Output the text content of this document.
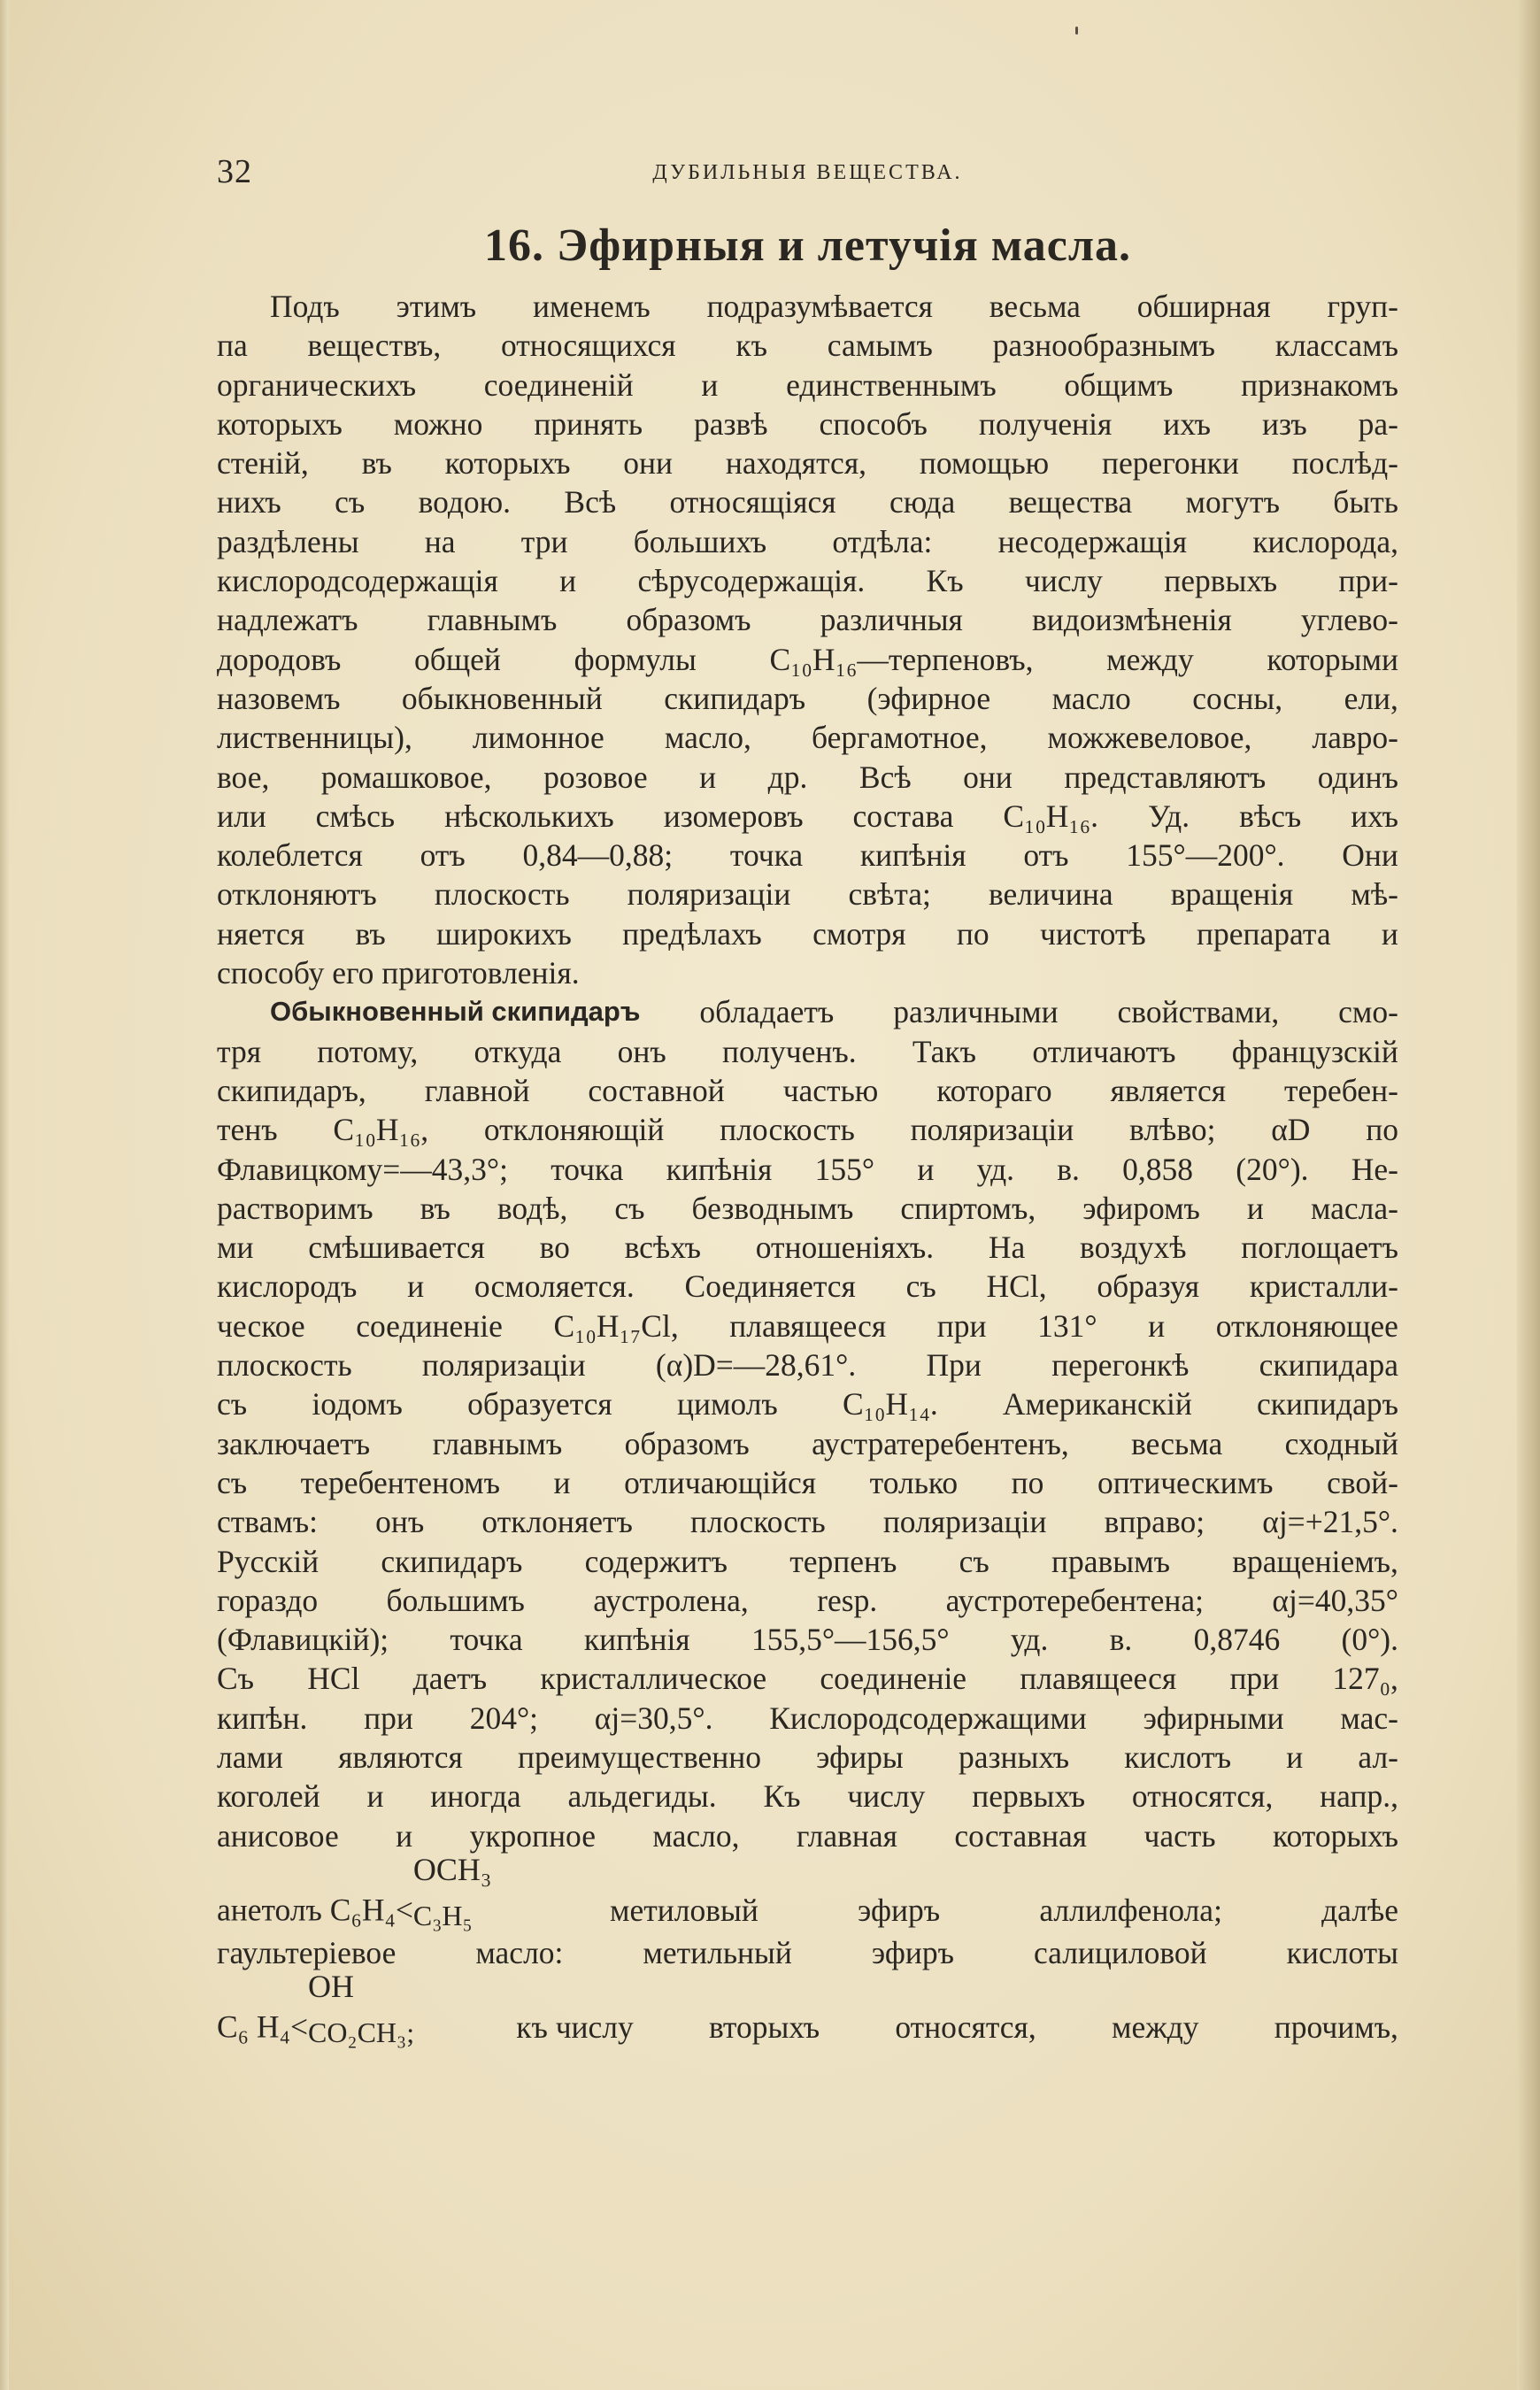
32	ДУБИЛЬНЫЯ ВЕЩЕСТВА.
16. Эфирныя и летучія масла.
Подъ этимъ именемъ подразумѣвается весьма обширная груп-
па веществъ, относящихся къ самымъ разнообразнымъ классамъ
органическихъ соединеній и единственнымъ общимъ признакомъ
которыхъ можно принять развѣ способъ полученія ихъ изъ ра-
стеній, въ которыхъ они находятся, помощью перегонки послѣд-
нихъ съ водою. Всѣ относящіяся сюда вещества могутъ быть
раздѣлены на три большихъ отдѣла: несодержащія кислорода,
кислородсодержащія и сѣрусодержащія. Къ числу первыхъ при-
надлежатъ главнымъ образомъ различныя видоизмѣненія углево-
дородовъ общей формулы C₁₀H₁₆—терпеновъ, между которыми
назовемъ обыкновенный скипидаръ (эфирное масло сосны, ели,
лиственницы), лимонное масло, бергамотное, можжевеловое, лавро-
вое, ромашковое, розовое и др. Всѣ они представляютъ одинъ
или смѣсь нѣсколькихъ изомеровъ состава C₁₀H₁₆. Уд. вѣсъ ихъ
колеблется отъ 0,84—0,88; точка кипѣнія отъ 155°—200°. Они
отклоняютъ плоскость поляризаціи свѣта; величина вращенія мѣ-
няется въ широкихъ предѣлахъ смотря по чистотѣ препарата и
способу его приготовленія.
Обыкновенный скипидаръ обладаетъ различными свойствами, смо-
тря потому, откуда онъ полученъ. Такъ отличаютъ французскій
скипидаръ, главной составной частью котораго является теребен-
тенъ C₁₀H₁₆, отклоняющій плоскость поляризаціи влѣво; αD по
Флавицкому=—43,3°; точка кипѣнія 155° и уд. в. 0,858 (20°). Не-
растворимъ въ водѣ, съ безводнымъ спиртомъ, эфиромъ и масла-
ми смѣшивается во всѣхъ отношеніяхъ. На воздухѣ поглощаетъ
кислородъ и осмоляется. Соединяется съ HCl, образуя кристалли-
ческое соединеніе C₁₀H₁₇Cl, плавящееся при 131° и отклоняющее
плоскость поляризаціи (α)D=—28,61°. При перегонкѣ скипидара
съ іодомъ образуется цимолъ C₁₀H₁₄. Американскій скипидаръ
заключаетъ главнымъ образомъ аустратеребентенъ, весьма сходный
съ теребентеномъ и отличающійся только по оптическимъ свой-
ствамъ: онъ отклоняетъ плоскость поляризаціи вправо; αj=+21,5°.
Русскій скипидаръ содержитъ терпенъ съ правымъ вращеніемъ,
гораздо большимъ аустролена, resp. аустротеребентена; αj=40,35°
(Флавицкій); точка кипѣнія 155,5°—156,5° уд. в. 0,8746 (0°).
Съ HCl даетъ кристаллическое соединеніе плавящееся при 127₀,
кипѣн. при 204°; αj=30,5°. Кислородсодержащими эфирными мас-
лами являются преимущественно эфиры разныхъ кислотъ и ал-
коголей и иногда альдегиды. Къ числу первыхъ относятся, напр.,
анисовое и укропное масло, главная составная часть которыхъ
анетолъ C₆H₄<
OCH₃
C₃H₅	метиловый	эфиръ	аллилфенола;	далѣе
гаультеріевое	масло:	метильный	эфиръ	салициловой	кислоты
C₆ H₄<
OH
CO₂CH₃;	къ числу вторыхъ относятся, между прочимъ,
